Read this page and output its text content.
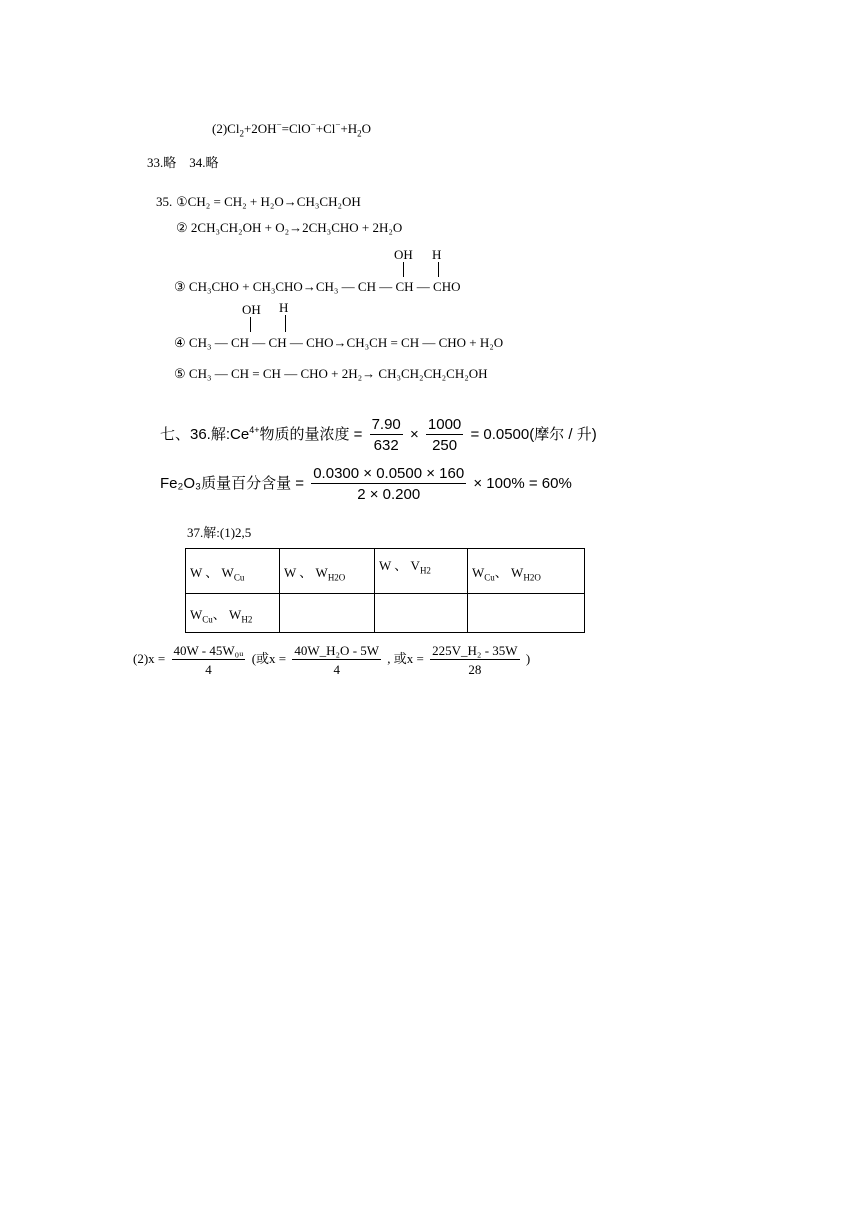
$(2)Cl_2+2OH^-=ClO^-+Cl^-+H_2O$
33.略　34.略
35. ①CH₂ = CH₂ + H₂O→CH₃CH₂OH
② 2CH₃CH₂OH + O₂→2CH₃CHO + 2H₂O
OH H
③ CH₃CHO + CH₃CHO→CH₃ — CH — CH — CHO
OH H
④ CH₃ — CH — CH — CHO→CH₃CH = CH — CHO + H₂O
⑤ CH₃ — CH = CH — CHO + 2H₂→ CH₃CH₂CH₂CH₂OH
七、36.解$:Ce^{4+}$物质的量浓度 = $\frac{7.90}{632} \times \frac{1000}{250} = 0.0500$(摩尔 / 升)
Fe₂O₃质量百分含量 = $\frac{0.0300 \times 0.0500 \times 160}{2 \times 0.200} \times 100\% = 60\%$
37.解:(1)2,5
W 、 $W_{Cu}$	W 、 $W_{H2O}$	W 、 $V_{H2}$	$W_{Cu}$、 $W_{H2O}$
$W_{Cu}$、 $W_{H2}$			
$(2)x = \frac{\text{40W - 45W₀ᵤ}}{4}$ (或$x = \frac{\text{40W\_H₂O - 5W}}{4}$ , 或$x = \frac{\text{225V\_H₂ - 35W}}{28}$ )
